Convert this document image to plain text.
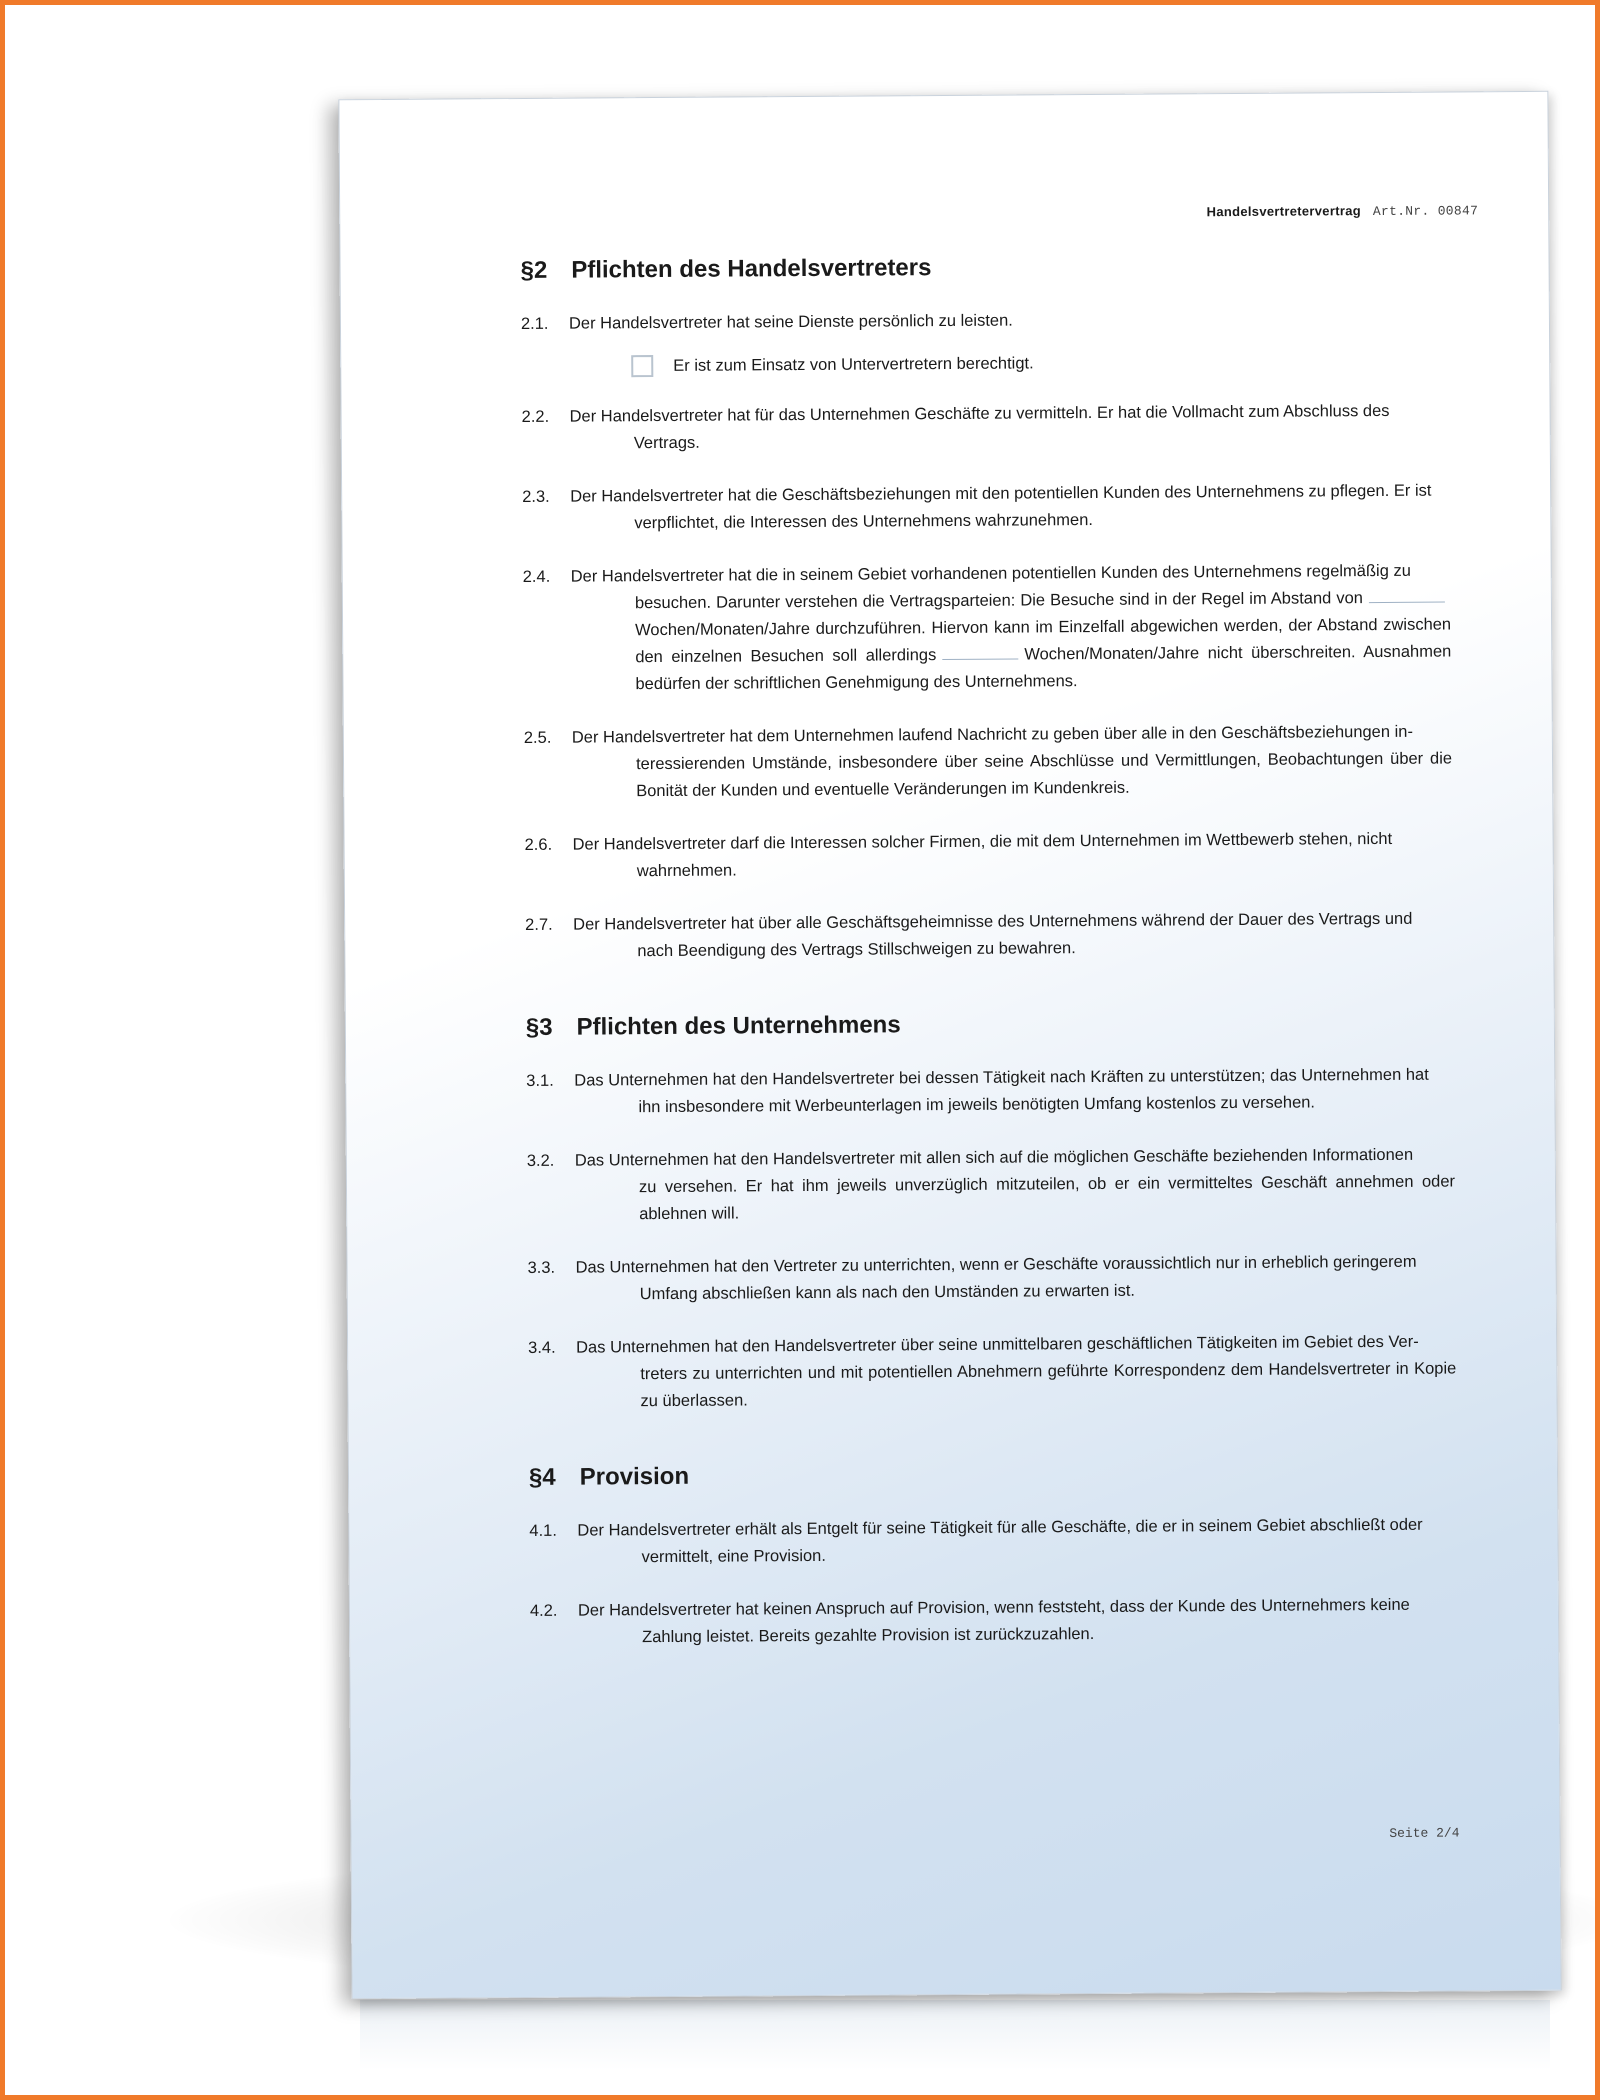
Handelsvertretervertrag Art.Nr. 00847
§2 Pflichten des Handelsvertreters
2.1.	Der Handelsvertreter hat seine Dienste persönlich zu leisten.
Er ist zum Einsatz von Untervertretern berechtigt.
2.2.	Der Handelsvertreter hat für das Unternehmen Geschäfte zu vermitteln. Er hat die Vollmacht zum Abschluss des
Vertrags.
2.3.	Der Handelsvertreter hat die Geschäftsbeziehungen mit den potentiellen Kunden des Unternehmens zu pflegen. Er ist
verpflichtet, die Interessen des Unternehmens wahrzunehmen.
2.4.	Der Handelsvertreter hat die in seinem Gebiet vorhandenen potentiellen Kunden des Unternehmens regelmäßig zu
besuchen. Darunter verstehen die Vertragsparteien: Die Besuche sind in der Regel im Abstand von Wochen/Monaten/Jahre durchzuführen. Hiervon kann im Einzelfall abgewichen werden, der Abstand zwischen den einzelnen Besuchen soll allerdings	Wochen/Monaten/Jahre nicht überschreiten. Ausnahmen bedürfen der schriftlichen Genehmigung des Unternehmens.
2.5.	Der Handelsvertreter hat dem Unternehmen laufend Nachricht zu geben über alle in den Geschäftsbeziehungen in-
teressierenden Umstände, insbesondere über seine Abschlüsse und Vermittlungen, Beobachtungen über die Bonität der Kunden und eventuelle Veränderungen im Kundenkreis.
2.6.	Der Handelsvertreter darf die Interessen solcher Firmen, die mit dem Unternehmen im Wettbewerb stehen, nicht
wahrnehmen.
2.7.	Der Handelsvertreter hat über alle Geschäftsgeheimnisse des Unternehmens während der Dauer des Vertrags und
nach Beendigung des Vertrags Stillschweigen zu bewahren.
§3 Pflichten des Unternehmens
3.1.	Das Unternehmen hat den Handelsvertreter bei dessen Tätigkeit nach Kräften zu unterstützen; das Unternehmen hat
ihn insbesondere mit Werbeunterlagen im jeweils benötigten Umfang kostenlos zu versehen.
3.2.	Das Unternehmen hat den Handelsvertreter mit allen sich auf die möglichen Geschäfte beziehenden Informationen
zu versehen. Er hat ihm jeweils unverzüglich mitzuteilen, ob er ein vermitteltes Geschäft annehmen oder ablehnen will.
3.3.	Das Unternehmen hat den Vertreter zu unterrichten, wenn er Geschäfte voraussichtlich nur in erheblich geringerem
Umfang abschließen kann als nach den Umständen zu erwarten ist.
3.4.	Das Unternehmen hat den Handelsvertreter über seine unmittelbaren geschäftlichen Tätigkeiten im Gebiet des Ver-
treters zu unterrichten und mit potentiellen Abnehmern geführte Korrespondenz dem Handelsvertreter in Kopie zu überlassen.
§4 Provision
4.1.	Der Handelsvertreter erhält als Entgelt für seine Tätigkeit für alle Geschäfte, die er in seinem Gebiet abschließt oder
vermittelt, eine Provision.
4.2.	Der Handelsvertreter hat keinen Anspruch auf Provision, wenn feststeht, dass der Kunde des Unternehmers keine
Zahlung leistet. Bereits gezahlte Provision ist zurückzuzahlen.
Seite 2/4
